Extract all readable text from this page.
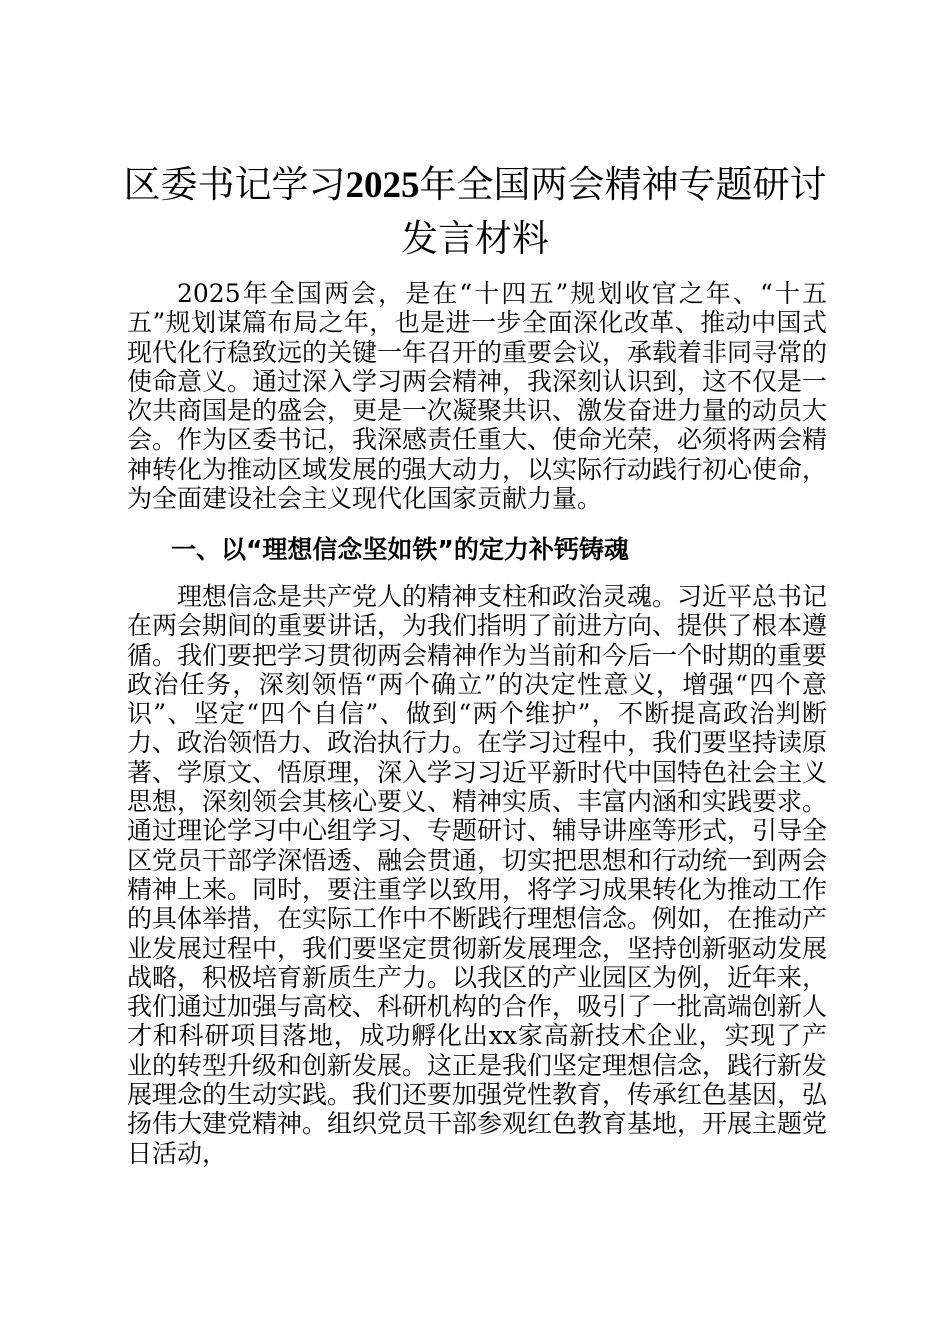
区委书记学习2025年全国两会精神专题研讨发言材料

2025年全国两会，是在“十四五”规划收官之年、“十五五”规划谋篇布局之年，也是进一步全面深化改革、推动中国式现代化行稳致远的关键一年召开的重要会议，承载着非同寻常的使命意义。通过深入学习两会精神，我深刻认识到，这不仅是一次共商国是的盛会，更是一次凝聚共识、激发奋进力量的动员大会。作为区委书记，我深感责任重大、使命光荣，必须将两会精神转化为推动区域发展的强大动力，以实际行动践行初心使命，为全面建设社会主义现代化国家贡献力量。

一、以“理想信念坚如铁”的定力补钙铸魂

理想信念是共产党人的精神支柱和政治灵魂。习近平总书记在两会期间的重要讲话，为我们指明了前进方向、提供了根本遵循。我们要把学习贯彻两会精神作为当前和今后一个时期的重要政治任务，深刻领悟“两个确立”的决定性意义，增强“四个意识”、坚定“四个自信”、做到“两个维护”，不断提高政治判断力、政治领悟力、政治执行力。在学习过程中，我们要坚持读原著、学原文、悟原理，深入学习习近平新时代中国特色社会主义思想，深刻领会其核心要义、精神实质、丰富内涵和实践要求。通过理论学习中心组学习、专题研讨、辅导讲座等形式，引导全区党员干部学深悟透、融会贯通，切实把思想和行动统一到两会精神上来。同时，要注重学以致用，将学习成果转化为推动工作的具体举措，在实际工作中不断践行理想信念。例如，在推动产业发展过程中，我们要坚定贯彻新发展理念，坚持创新驱动发展战略，积极培育新质生产力。以我区的产业园区为例，近年来，我们通过加强与高校、科研机构的合作，吸引了一批高端创新人才和科研项目落地，成功孵化出xx家高新技术企业，实现了产业的转型升级和创新发展。这正是我们坚定理想信念，践行新发展理念的生动实践。我们还要加强党性教育，传承红色基因，弘扬伟大建党精神。组织党员干部参观红色教育基地，开展主题党日活动，
